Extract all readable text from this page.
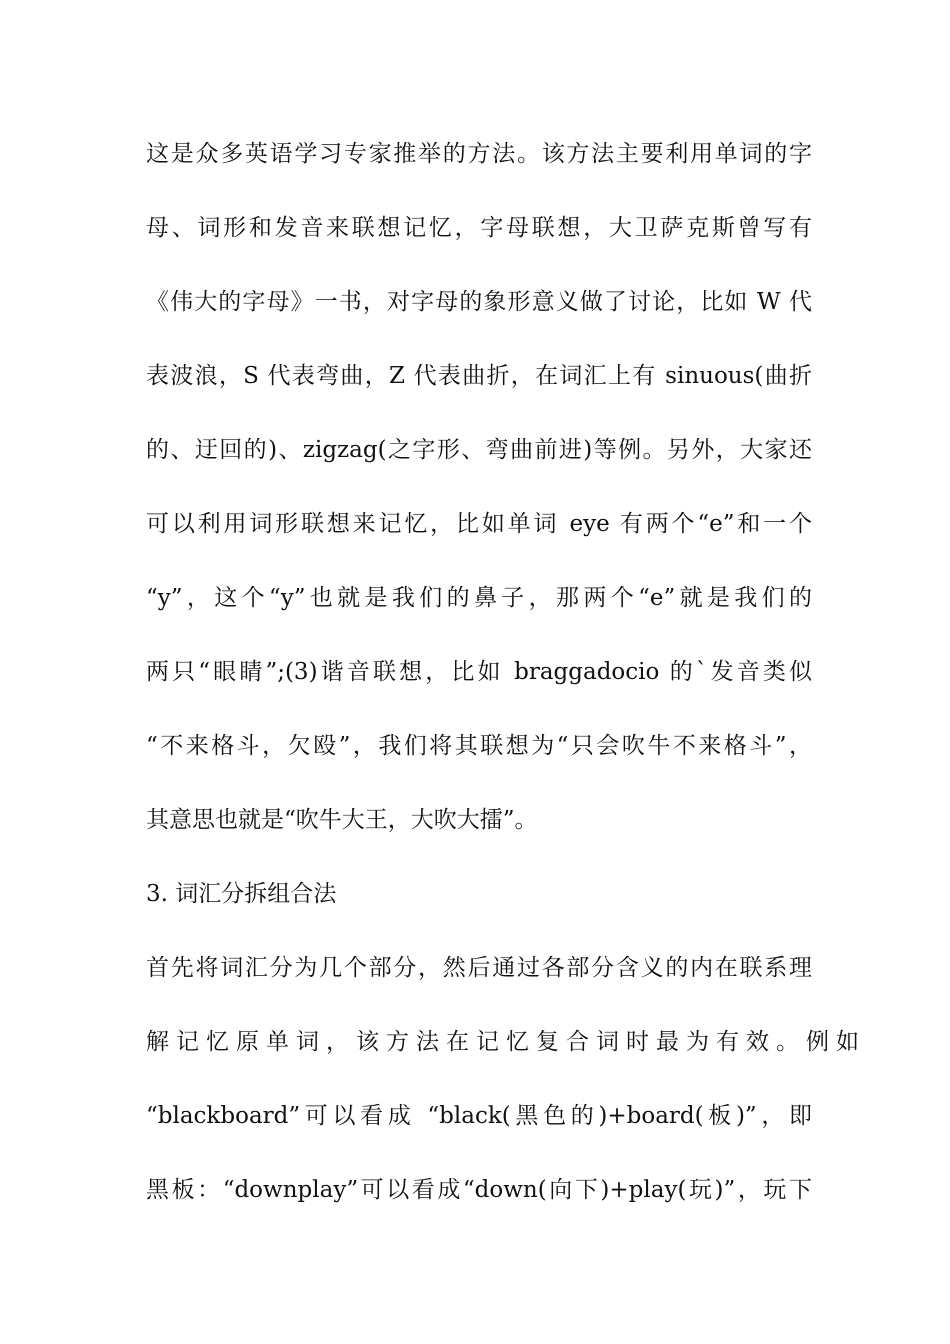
这是众多英语学习专家推举的方法。该方法主要利用单词的字
母、词形和发音来联想记忆，字母联想，大卫萨克斯曾写有
《伟大的字母》一书，对字母的象形意义做了讨论，比如 W 代
表波浪，S 代表弯曲，Z 代表曲折，在词汇上有 sinuous(曲折
的、迂回的)、zigzag(之字形、弯曲前进)等例。另外，大家还
可以利用词形联想来记忆，比如单词 eye 有两个“e”和一个
“y”，这个“y”也就是我们的鼻子，那两个“e”就是我们的
两只“眼睛”;(3)谐音联想，比如 braggadocio 的`发音类似
“不来格斗，欠殴”，我们将其联想为“只会吹牛不来格斗”，
其意思也就是“吹牛大王，大吹大擂”。
3. 词汇分拆组合法
首先将词汇分为几个部分，然后通过各部分含义的内在联系理
解记忆原单词，该方法在记忆复合词时最为有效。例如
“blackboard”可以看成 “black(黑色的)+board(板)”，即
黑板：“downplay”可以看成“down(向下)+play(玩)”，玩下
